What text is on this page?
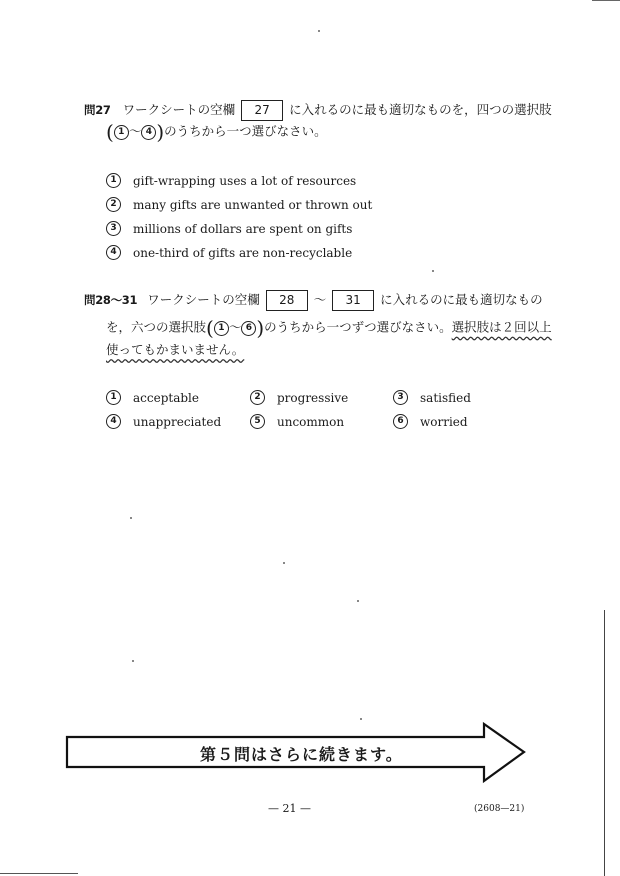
問27 ワークシートの空欄 27 に入れるのに最も適切なものを，四つの選択肢
( 1 〜 4 )のうちから一つ選びなさい。
1	gift-wrapping uses a lot of resources
2	many gifts are unwanted or thrown out
3	millions of dollars are spent on gifts
4	one-third of gifts are non-recyclable
問28〜31 ワークシートの空欄 28 〜 31 に入れるのに最も適切なもの
を，六つの選択肢( 1 〜 6 )のうちから一つずつ選びなさい。選択肢は２回以上
使ってもかまいません。
1	acceptable	2	progressive	3	satisfied
4	unappreciated	5	uncommon	6	worried
第５問はさらに続きます。
— 21 —	(2608—21)
